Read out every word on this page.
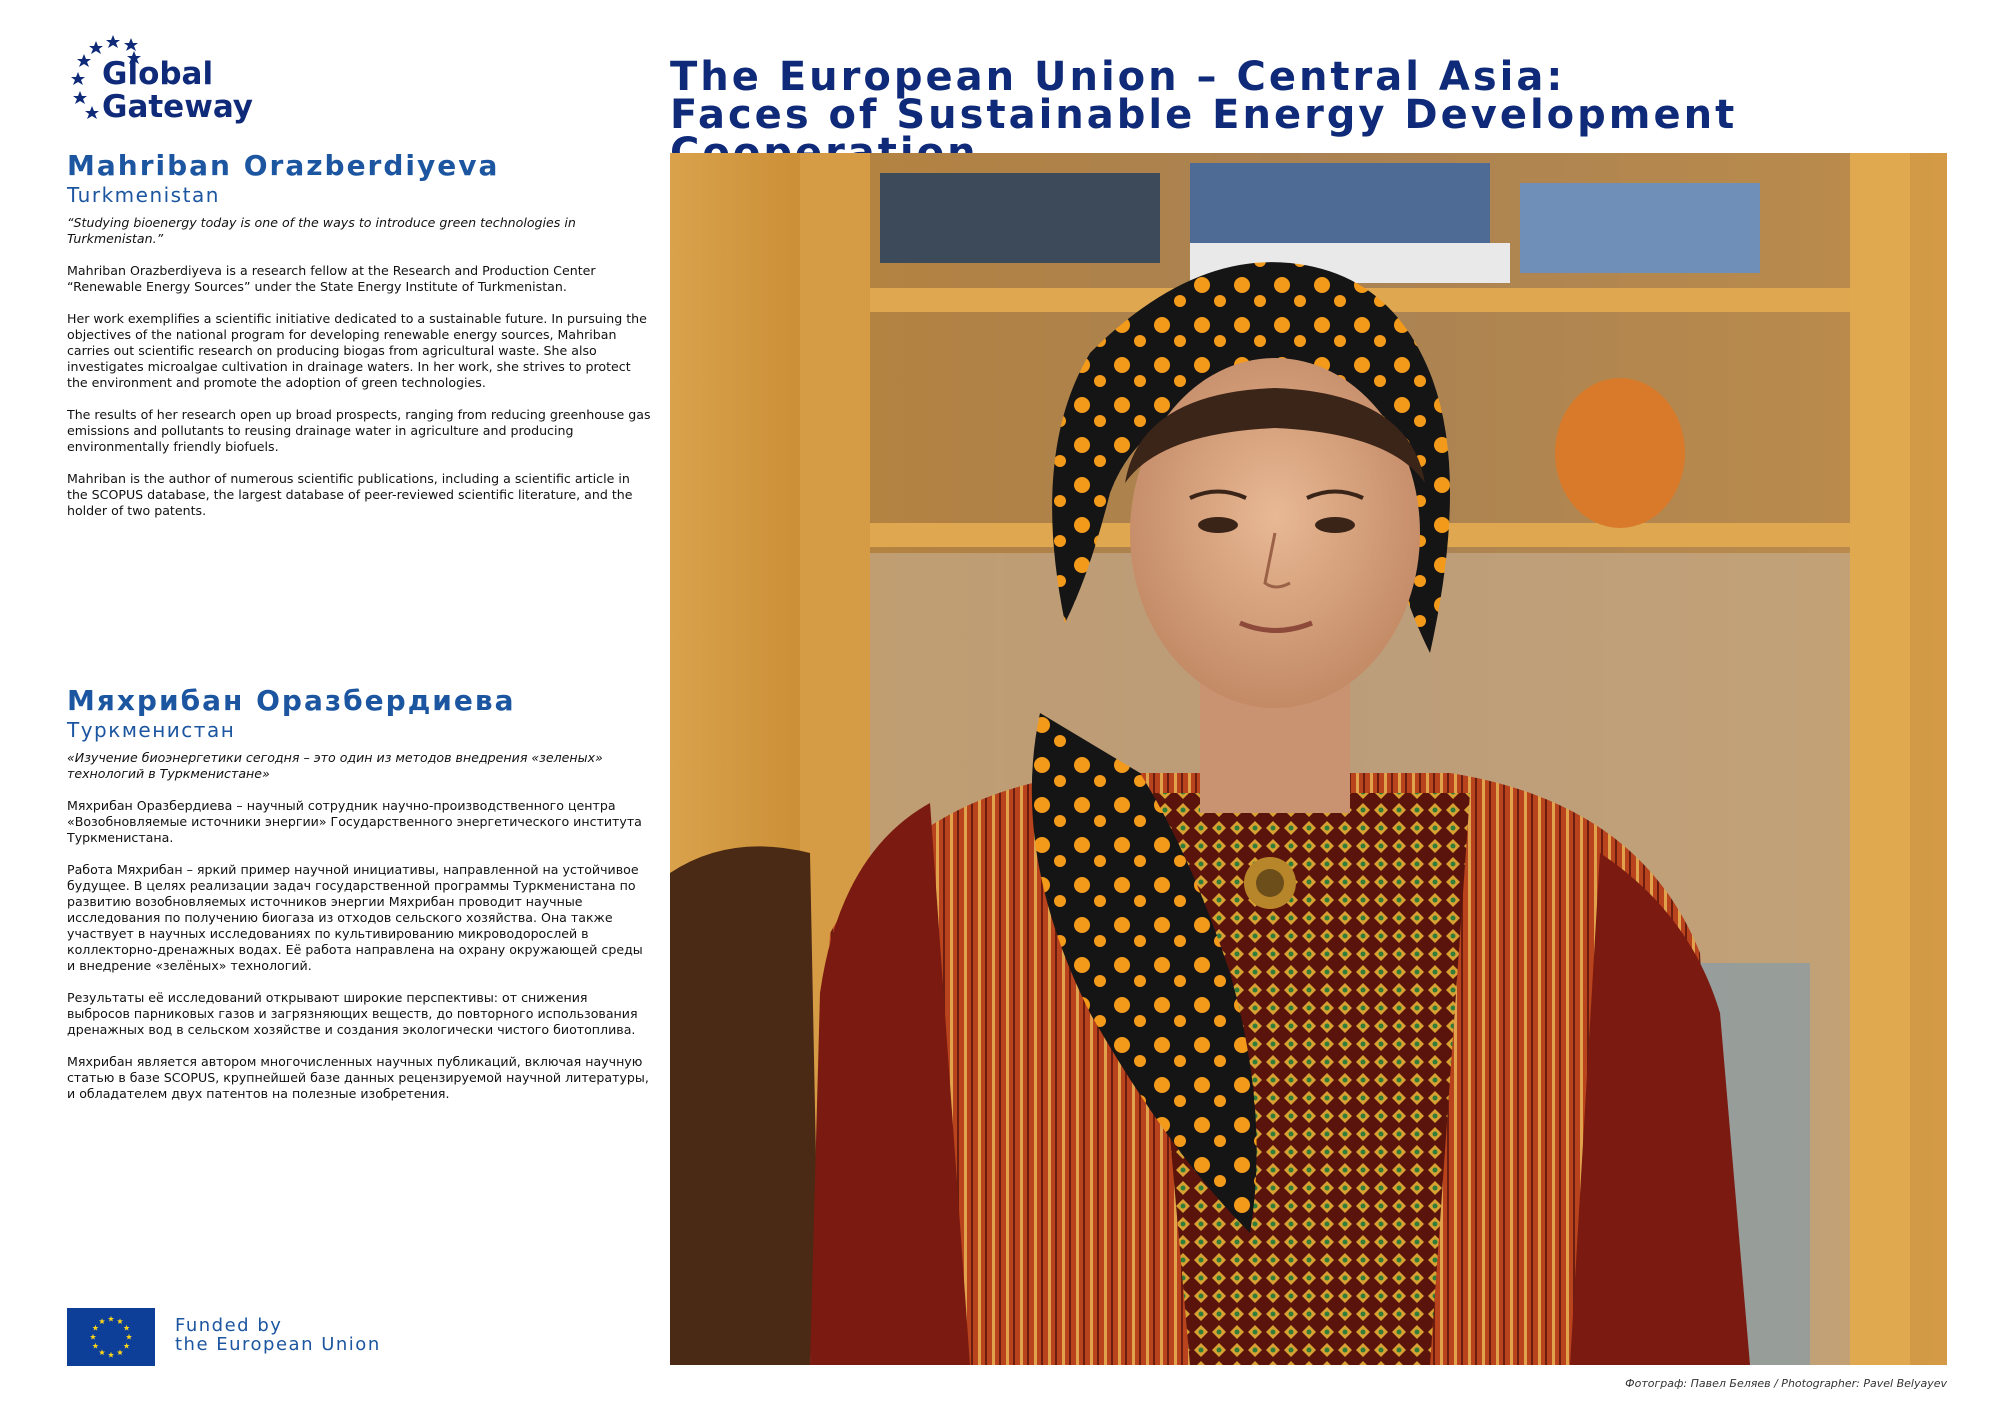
Global
Gateway
The European Union – Central Asia:
Faces of Sustainable Energy Development
Mahriban Orazberdiyeva
Turkmenistan
“Studying bioenergy today is one of the ways to introduce green technologies in Turkmenistan.”
Mahriban Orazberdiyeva is a research fellow at the Research and Production Center “Renewable Energy Sources” under the State Energy Institute of Turkmenistan.
Her work exemplifies a scientific initiative dedicated to a sustainable future. In pursuing the objectives of the national program for developing renewable energy sources, Mahriban carries out scientific research on producing biogas from agricultural waste. She also investigates microalgae cultivation in drainage waters. In her work, she strives to protect the environment and promote the adoption of green technologies.
The results of her research open up broad prospects, ranging from reducing greenhouse gas emissions and pollutants to reusing drainage water in agriculture and producing environmentally friendly biofuels.
Mahriban is the author of numerous scientific publications, including a scientific article in the SCOPUS database, the largest database of peer-reviewed scientific literature, and the holder of two patents.
Мяхрибан Оразбердиева
Туркменистан
«Изучение биоэнергетики сегодня – это один из методов внедрения «зеленых» технологий в Туркменистане»
Мяхрибан Оразбердиева – научный сотрудник научно-производственного центра «Возобновляемые источники энергии» Государственного энергетического института Туркменистана.
Работа Мяхрибан – яркий пример научной инициативы, направленной на устойчивое будущее. В целях реализации задач государственной программы Туркменистана по развитию возобновляемых источников энергии Мяхрибан проводит научные исследования по получению биогаза из отходов сельского хозяйства. Она также участвует в научных исследованиях по культивированию микроводорослей в коллекторно-дренажных водах. Её работа направлена на охрану окружающей среды и внедрение «зелёных» технологий.
Результаты её исследований открывают широкие перспективы: от снижения выбросов парниковых газов и загрязняющих веществ, до повторного использования дренажных вод в сельском хозяйстве и создания экологически чистого биотоплива.
Мяхрибан является автором многочисленных научных публикаций, включая научную статью в базе SCOPUS, крупнейшей базе данных рецензируемой научной литературы, и обладателем двух патентов на полезные изобретения.
Funded by
the European Union
Фотограф: Павел Беляев / Photographer: Pavel Belyayev
